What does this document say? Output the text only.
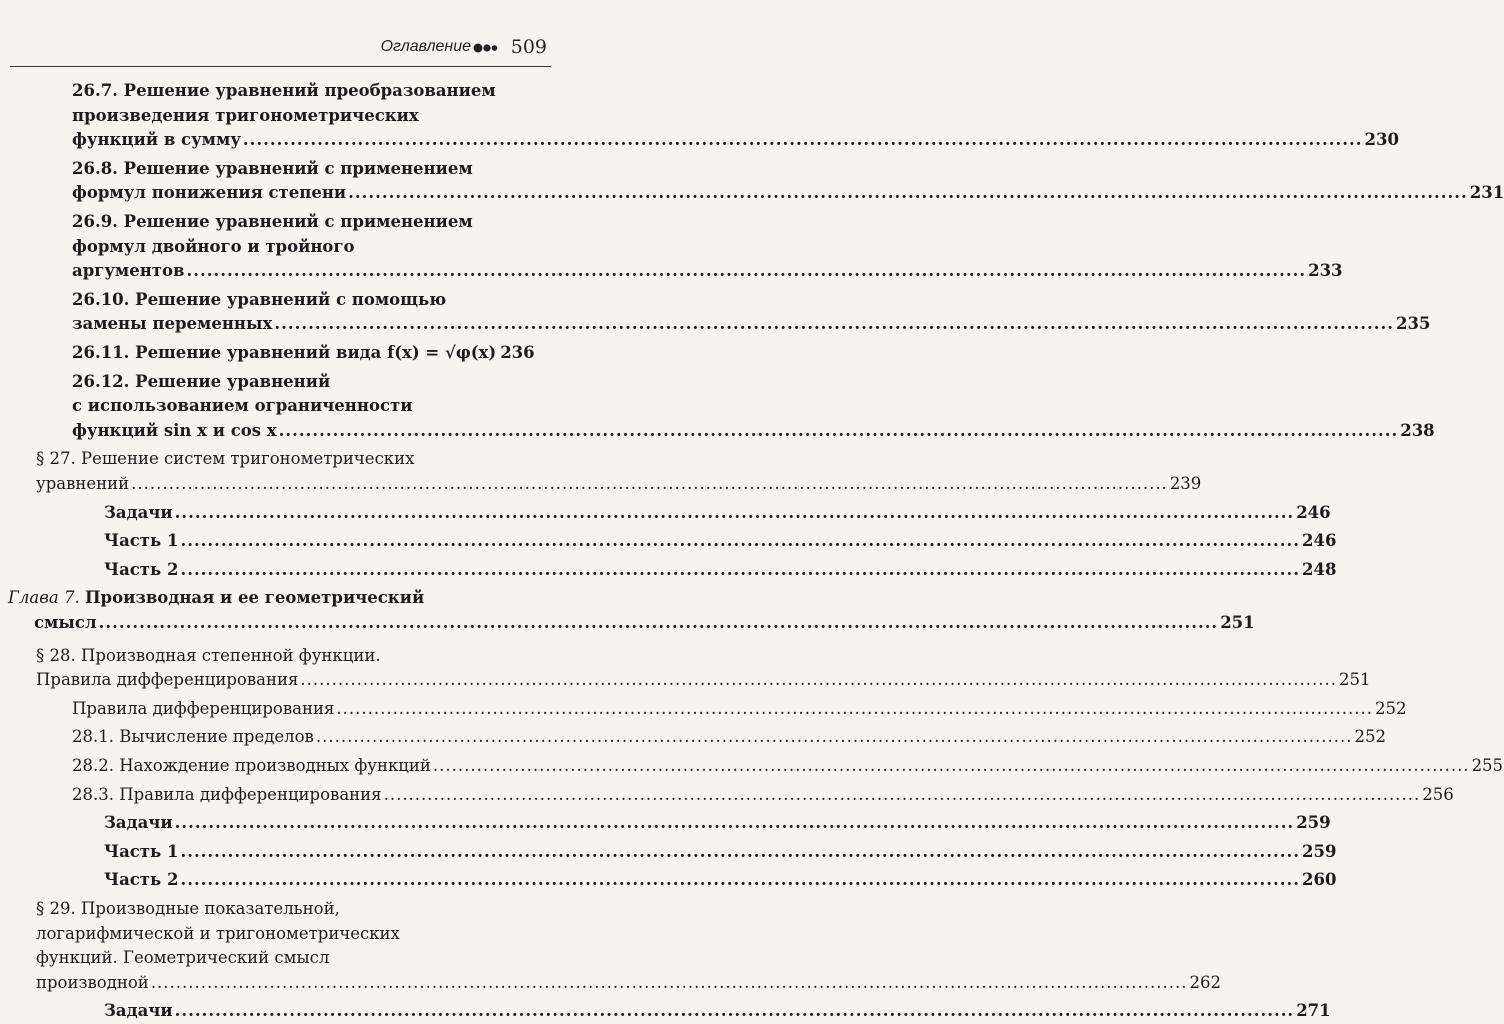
Оглавление 509
26.7. Решение уравнений преобразованием
произведения тригонометрических
функций в сумму .....	230
26.8. Решение уравнений с применением
формул понижения степени .....	231
26.9. Решение уравнений с применением
формул двойного и тройного
аргументов .....	233
26.10. Решение уравнений с помощью
замены переменных .....	235
26.11. Решение уравнений вида f(x) = √φ(x) 236
26.12. Решение уравнений
с использованием ограниченности
функций sin x и cos x .....	238
§ 27. Решение систем тригонометрических
уравнений .....	239
Задачи .....	246
Часть 1 .....	246
Часть 2 .....	248
Глава 7. Производная и ее геометрический
смысл .....	251
§ 28. Производная степенной функции.
Правила дифференцирования .....	251
Правила дифференцирования .....	252
28.1. Вычисление пределов .....	252
28.2. Нахождение производных функций .....	255
28.3. Правила дифференцирования .....	256
Задачи .....	259
Часть 1 .....	259
Часть 2 .....	260
§ 29. Производные показательной,
логарифмической и тригонометрических
функций. Геометрический смысл
производной .....	262
Задачи .....	271
